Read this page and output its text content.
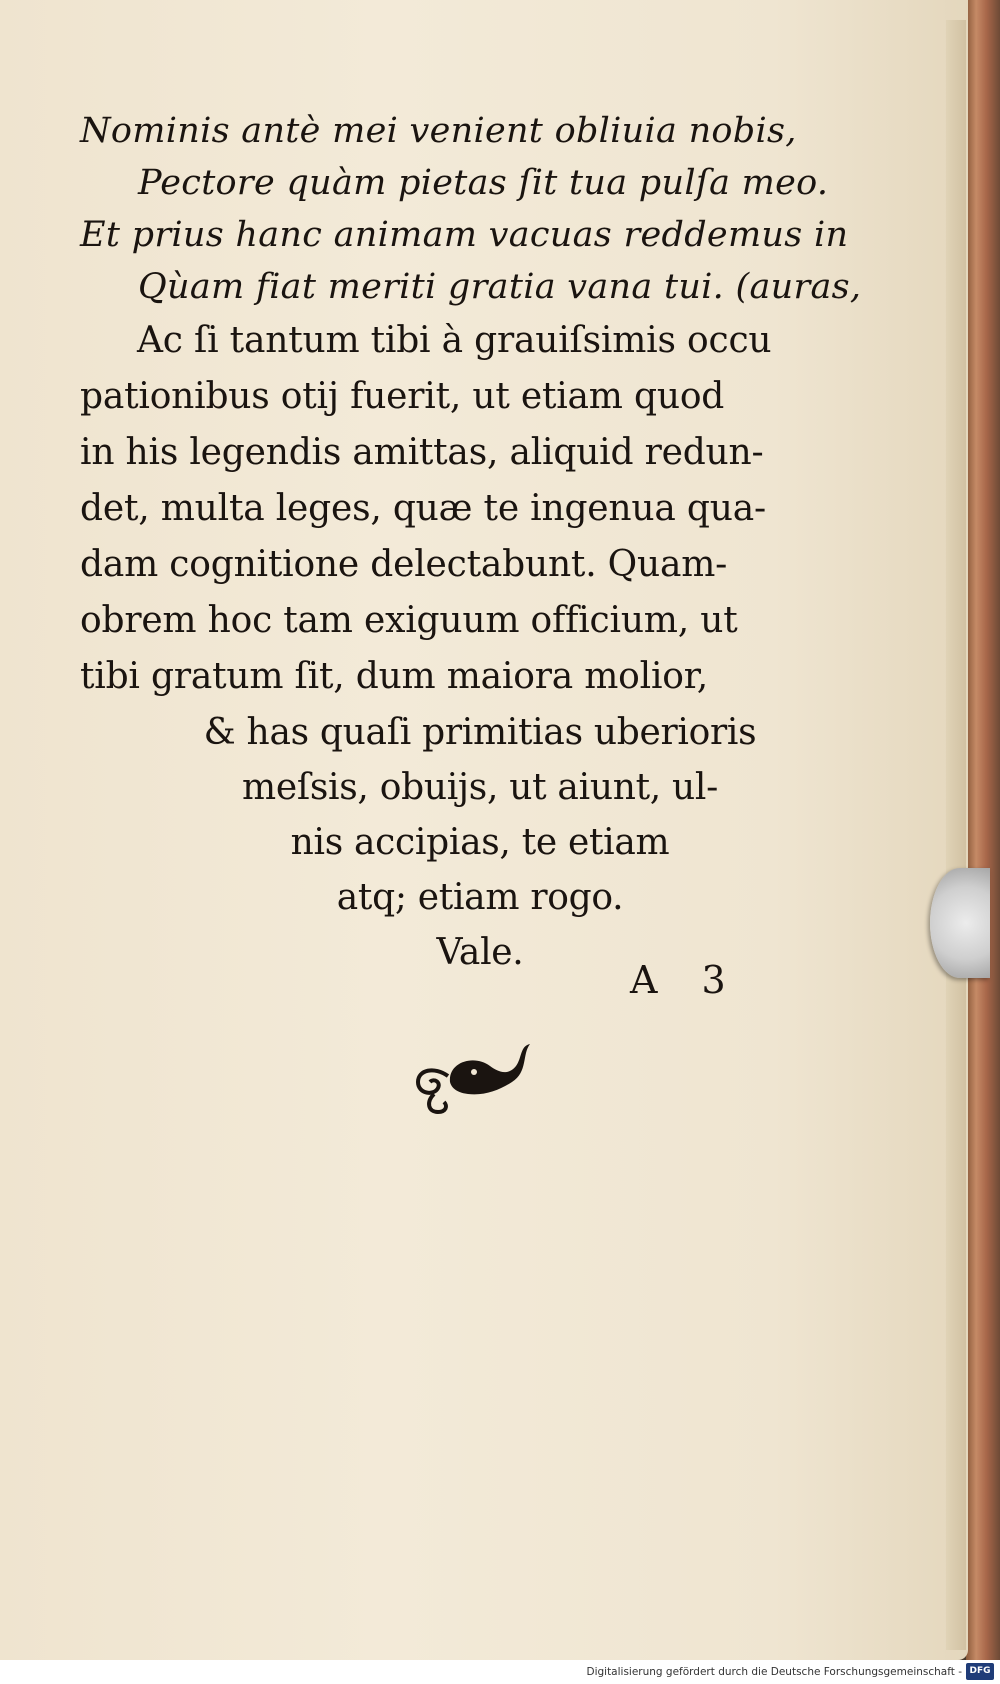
Nominis antè mei venient obliuia nobis,
Pectore quàm pietas ſit tua pulſa meo.
Et prius hanc animam vacuas reddemus in
Qùam fiat meriti gratia vana tui. (auras,
Ac ſi tantum tibi à grauiſsimis occu
pationibus otij fuerit, ut etiam quod
in his legendis amittas, aliquid redun-
det, multa leges, quæ te ingenua qua-
dam cognitione delectabunt. Quam-
obrem hoc tam exiguum officium, ut
tibi gratum ſit, dum maiora molior,
& has quaſi primitias uberioris
meſsis, obuijs, ut aiunt, ul-
nis accipias, te etiam
atq; etiam rogo.
Vale.
A 3
Digitalisierung gefördert durch die Deutsche Forschungsgemeinschaft - DFG
